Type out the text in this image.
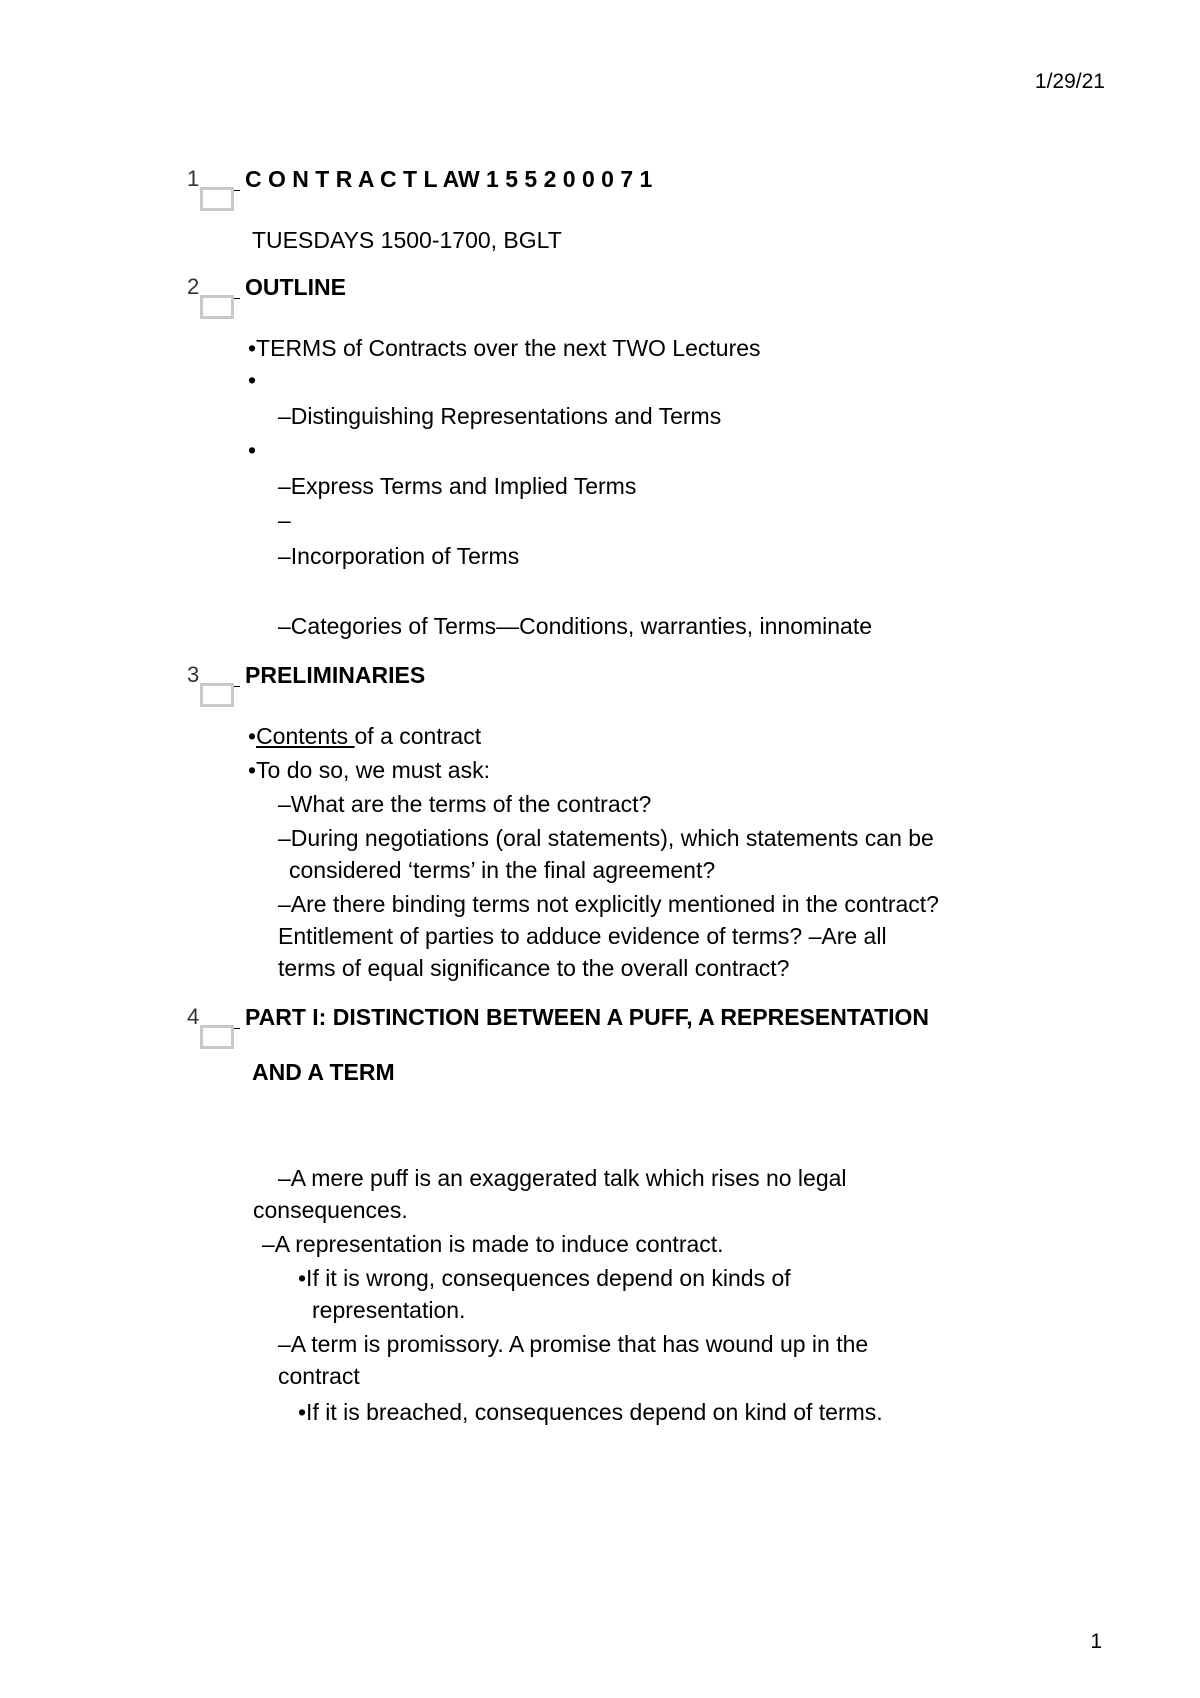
1/29/21
1 C O N T R A C T L AW 1 5 5 2 0 0 0 7 1
TUESDAYS 1500-1700, BGLT
2 OUTLINE
•TERMS of Contracts over the next TWO Lectures
•
–Distinguishing Representations and Terms
•
–Express Terms and Implied Terms
–
–Incorporation of Terms
–Categories of Terms—Conditions, warranties, innominate
3 PRELIMINARIES
•Contents of a contract
•To do so, we must ask:
–What are the terms of the contract?
–During negotiations (oral statements), which statements can be
considered ‘terms’ in the final agreement?
–Are there binding terms not explicitly mentioned in the contract?
Entitlement of parties to adduce evidence of terms? –Are all
terms of equal significance to the overall contract?
4 PART I: DISTINCTION BETWEEN A PUFF, A REPRESENTATION
AND A TERM
–A mere puff is an exaggerated talk which rises no legal
consequences.
–A representation is made to induce contract.
•If it is wrong, consequences depend on kinds of
representation.
–A term is promissory. A promise that has wound up in the
contract
•If it is breached, consequences depend on kind of terms.
1
